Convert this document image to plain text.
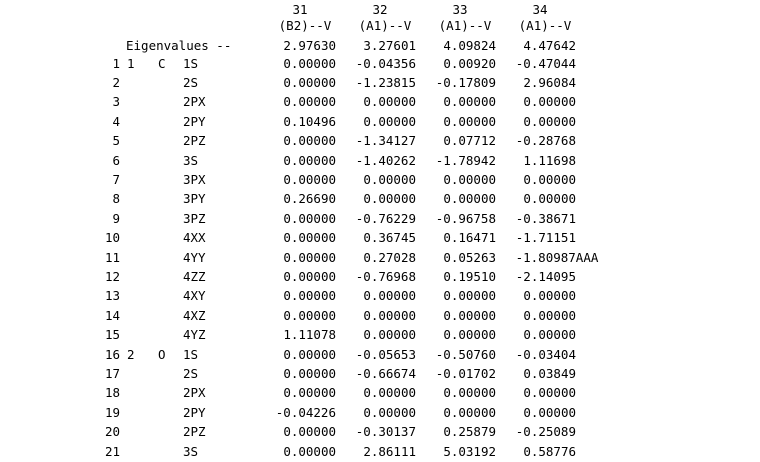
31	32	33	34
(B2)--V	(A1)--V	(A1)--V	(A1)--V
Eigenvalues --	2.97630	3.27601	4.09824	4.47642
1 1 C 1S	0.00000	-0.04356	0.00920	-0.47044
2	2S	0.00000	-1.23815	-0.17809	2.96084
3	2PX	0.00000	0.00000	0.00000	0.00000
4	2PY	0.10496	0.00000	0.00000	0.00000
5	2PZ	0.00000	-1.34127	0.07712	-0.28768
6	3S	0.00000	-1.40262	-1.78942	1.11698
7	3PX	0.00000	0.00000	0.00000	0.00000
8	3PY	0.26690	0.00000	0.00000	0.00000
9	3PZ	0.00000	-0.76229	-0.96758	-0.38671
10	4XX	0.00000	0.36745	0.16471	-1.71151
11	4YY	0.00000	0.27028	0.05263 -1.80987AAA
12	4ZZ	0.00000	-0.76968	0.19510	-2.14095
13	4XY	0.00000	0.00000	0.00000	0.00000
14	4XZ	0.00000	0.00000	0.00000	0.00000
15	4YZ	1.11078	0.00000	0.00000	0.00000
16 2 O 1S	0.00000	-0.05653	-0.50760	-0.03404
17	2S	0.00000	-0.66674	-0.01702	0.03849
18	2PX	0.00000	0.00000	0.00000	0.00000
19	2PY	-0.04226	0.00000	0.00000	0.00000
20	2PZ	0.00000	-0.30137	0.25879	-0.25089
21	3S	0.00000	2.86111	5.03192	0.58776
